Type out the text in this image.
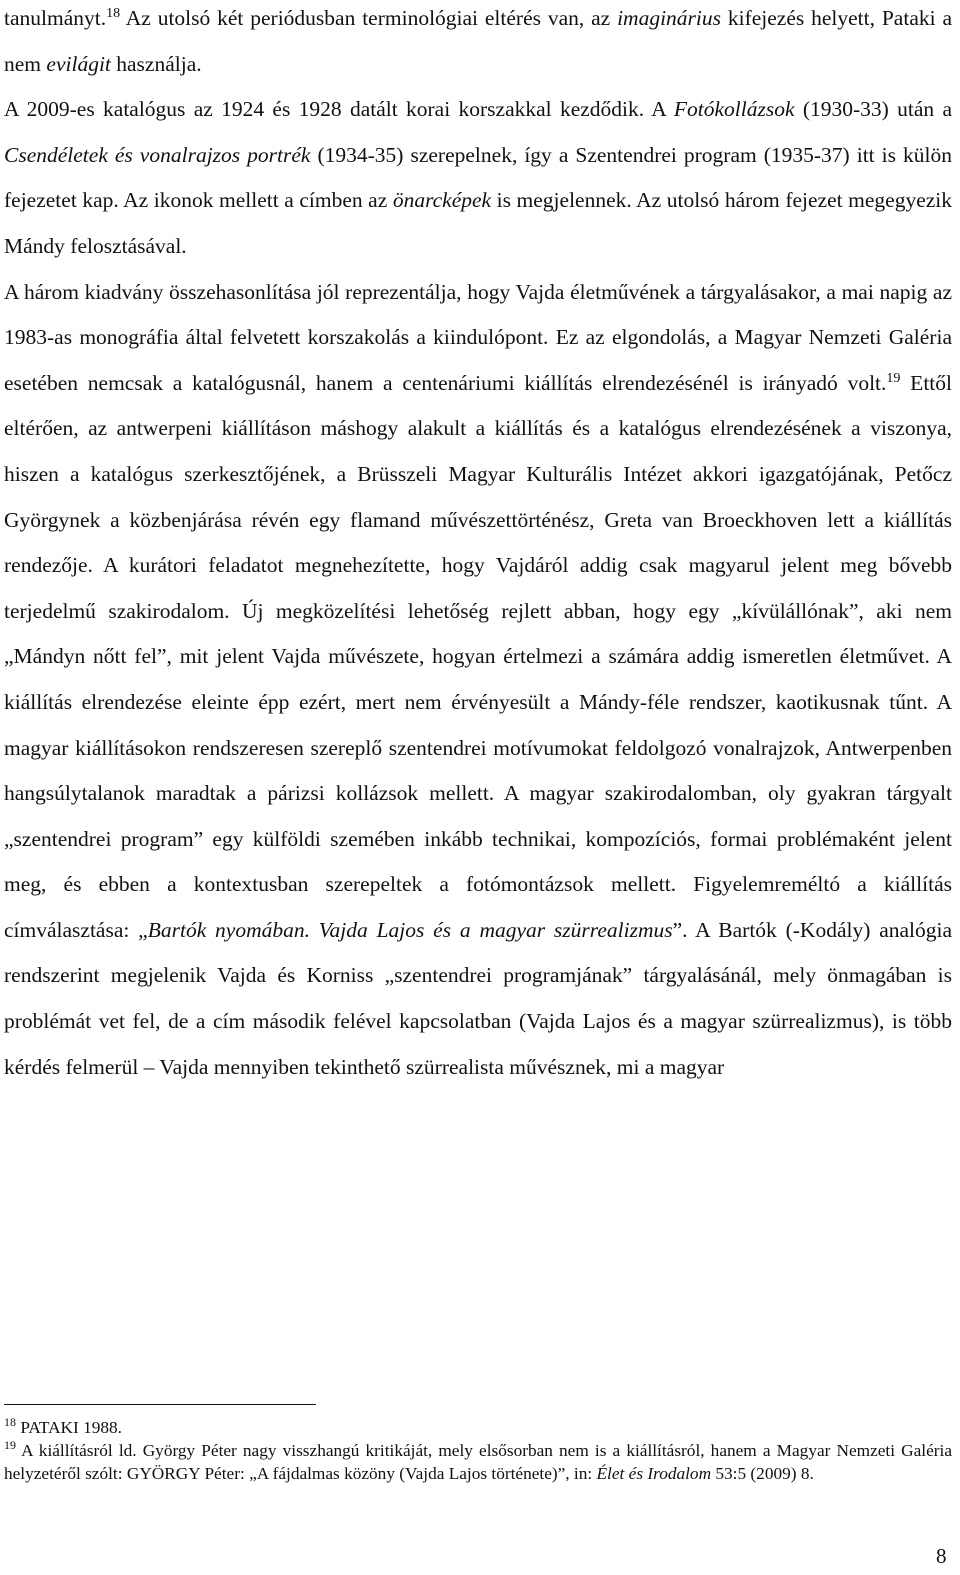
tanulmányt.$^{18}$ Az utolsó két periódusban terminológiai eltérés van, az imaginárius kifejezés helyett, Pataki a nem evilágit használja.

A 2009-es katalógus az 1924 és 1928 datált korai korszakkal kezdődik. A Fotókollázsok (1930-33) után a Csendéletek és vonalrajzos portrék (1934-35) szerepelnek, így a Szentendrei program (1935-37) itt is külön fejezetet kap. Az ikonok mellett a címben az önarcképek is megjelennek. Az utolsó három fejezet megegyezik Mándy felosztásával.

A három kiadvány összehasonlítása jól reprezentálja, hogy Vajda életművének a tárgyalásakor, a mai napig az 1983-as monográfia által felvetett korszakolás a kiindulópont. Ez az elgondolás, a Magyar Nemzeti Galéria esetében nemcsak a katalógusnál, hanem a centenáriumi kiállítás elrendezésénél is irányadó volt.$^{19}$ Ettől eltérően, az antwerpeni kiállításon máshogy alakult a kiállítás és a katalógus elrendezésének a viszonya, hiszen a katalógus szerkesztőjének, a Brüsszeli Magyar Kulturális Intézet akkori igazgatójának, Petőcz Györgynek a közbenjárása révén egy flamand művészettörténész, Greta van Broeckhoven lett a kiállítás rendezője. A kurátori feladatot megnehezítette, hogy Vajdáról addig csak magyarul jelent meg bővebb terjedelmű szakirodalom. Új megközelítési lehetőség rejlett abban, hogy egy „kívülállónak”, aki nem „Mándyn nőtt fel”, mit jelent Vajda művészete, hogyan értelmezi a számára addig ismeretlen életművet. A kiállítás elrendezése eleinte épp ezért, mert nem érvényesült a Mándy-féle rendszer, kaotikusnak tűnt. A magyar kiállításokon rendszeresen szereplő szentendrei motívumokat feldolgozó vonalrajzok, Antwerpenben hangsúlytalanok maradtak a párizsi kollázsok mellett. A magyar szakirodalomban, oly gyakran tárgyalt „szentendrei program” egy külföldi szemében inkább technikai, kompozíciós, formai problémaként jelent meg, és ebben a kontextusban szerepeltek a fotómontázsok mellett. Figyelemreméltó a kiállítás címválasztása: „Bartók nyomában. Vajda Lajos és a magyar szürrealizmus”. A Bartók (-Kodály) analógia rendszerint megjelenik Vajda és Korniss „szentendrei programjának” tárgyalásánál, mely önmagában is problémát vet fel, de a cím második felével kapcsolatban (Vajda Lajos és a magyar szürrealizmus), is több kérdés felmerül – Vajda mennyiben tekinthető szürrealista művésznek, mi a magyar

$^{18}$ PATAKI 1988.

$^{19}$ A kiállításról ld. György Péter nagy visszhangú kritikáját, mely elsősorban nem is a kiállításról, hanem a Magyar Nemzeti Galéria helyzetéről szólt: GYÖRGY Péter: „A fájdalmas közöny (Vajda Lajos története)”, in: Élet és Irodalom 53:5 (2009) 8.

8
